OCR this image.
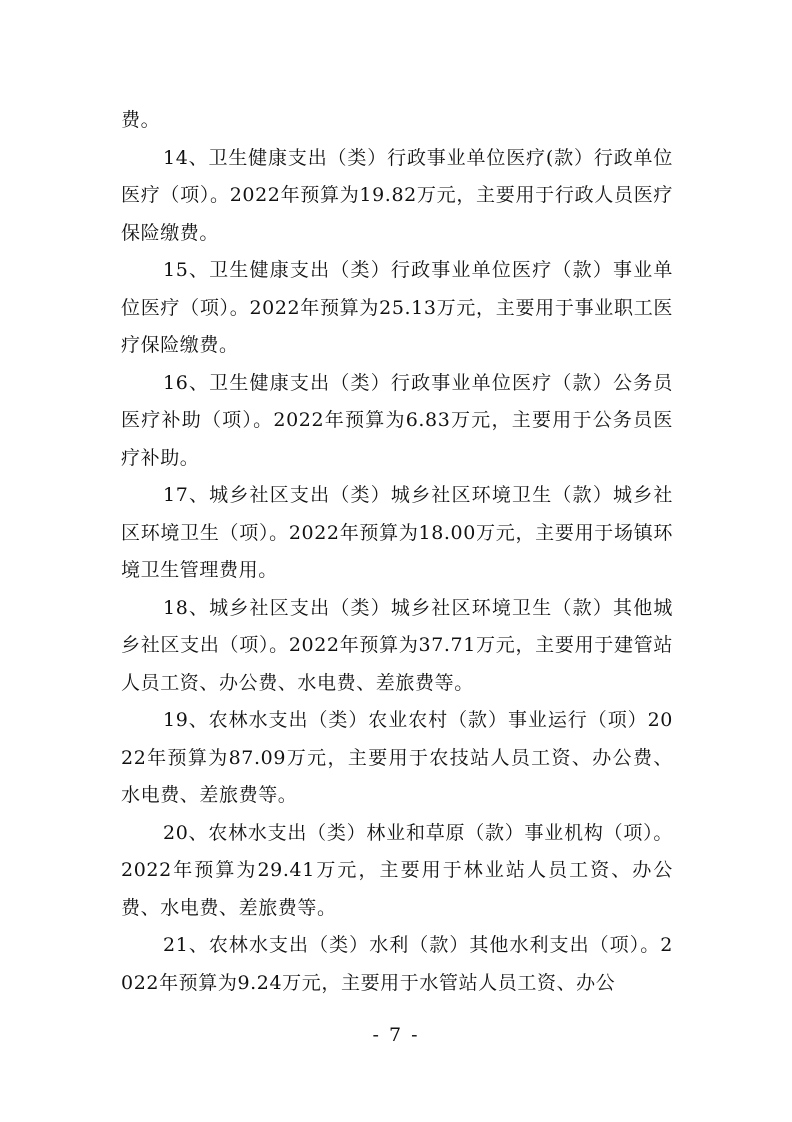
费。

14、卫生健康支出（类）行政事业单位医疗(款）行政单位医疗（项）。2022年预算为19.82万元，主要用于行政人员医疗保险缴费。

15、卫生健康支出（类）行政事业单位医疗（款）事业单位医疗（项）。2022年预算为25.13万元，主要用于事业职工医疗保险缴费。

16、卫生健康支出（类）行政事业单位医疗（款）公务员医疗补助（项）。2022年预算为6.83万元，主要用于公务员医疗补助。

17、城乡社区支出（类）城乡社区环境卫生（款）城乡社区环境卫生（项）。2022年预算为18.00万元，主要用于场镇环境卫生管理费用。

18、城乡社区支出（类）城乡社区环境卫生（款）其他城乡社区支出（项）。2022年预算为37.71万元，主要用于建管站人员工资、办公费、水电费、差旅费等。

19、农林水支出（类）农业农村（款）事业运行（项）2022年预算为87.09万元，主要用于农技站人员工资、办公费、水电费、差旅费等。

20、农林水支出（类）林业和草原（款）事业机构（项）。2022年预算为29.41万元，主要用于林业站人员工资、办公费、水电费、差旅费等。

21、农林水支出（类）水利（款）其他水利支出（项）。2022年预算为9.24万元，主要用于水管站人员工资、办公

- 7 -
